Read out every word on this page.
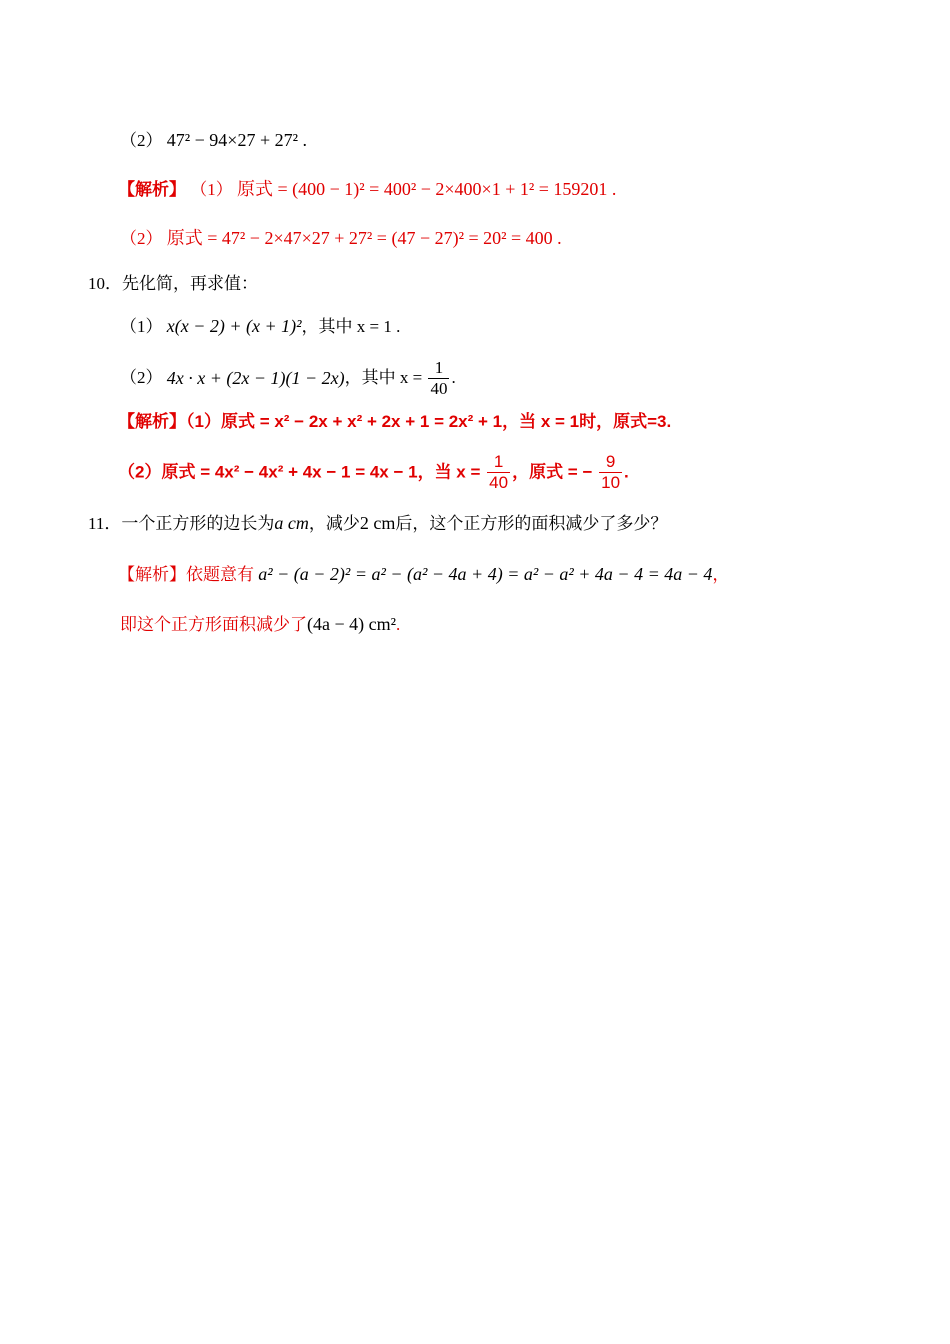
（2） 47² − 94×27 + 27² .
【解析】 （1） 原式 = (400 − 1)² = 400² − 2×400×1 + 1² = 159201 .
（2） 原式 = 47² − 2×47×27 + 27² = (47 − 27)² = 20² = 400 .
10．先化简，再求值：
（1） x(x − 2) + (x + 1)²，其中 x = 1 .
（2） 4x · x + (2x − 1)(1 − 2x)，其中 $x = \frac{1}{40}$ .
【解析】（1）原式 = x² − 2x + x² + 2x + 1 = 2x² + 1，当 x = 1时，原式=3.
（2）原式 = 4x² − 4x² + 4x − 1 = 4x − 1，当 $x = \frac{1}{40}$ ，原式 = − $\frac{9}{10}$ .
11．一个正方形的边长为a cm，减少2 cm后，这个正方形的面积减少了多少？
【解析】依题意有 a² − (a − 2)² = a² − (a² − 4a + 4) = a² − a² + 4a − 4 = 4a − 4，
即这个正方形面积减少了(4a − 4) cm².
